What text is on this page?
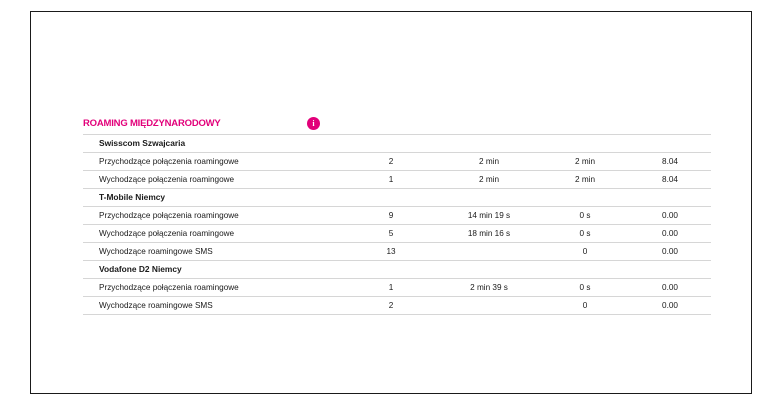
ROAMING MIĘDZYNARODOWY	i
Swisscom Szwajcaria				
Przychodzące połączenia roamingowe	2	2 min	2 min	8.04
Wychodzące połączenia roamingowe	1	2 min	2 min	8.04
T-Mobile Niemcy				
Przychodzące połączenia roamingowe	9	14 min 19 s	0 s	0.00
Wychodzące połączenia roamingowe	5	18 min 16 s	0 s	0.00
Wychodzące roamingowe SMS	13		0	0.00
Vodafone D2 Niemcy				
Przychodzące połączenia roamingowe	1	2 min 39 s	0 s	0.00
Wychodzące roamingowe SMS	2		0	0.00
